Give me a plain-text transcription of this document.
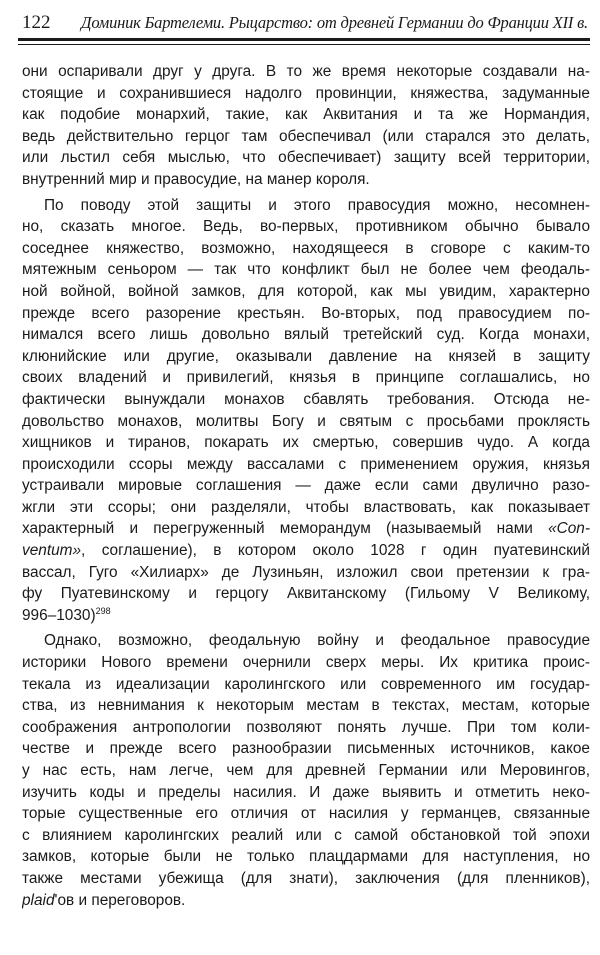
122 Доминик Бартелеми. Рыцарство: от древней Германии до Франции XII в.
они оспаривали друг у друга. В то же время некоторые создавали на-
стоящие и сохранившиеся надолго провинции, княжества, задуманные
как подобие монархий, такие, как Аквитания и та же Нормандия,
ведь действительно герцог там обеспечивал (или старался это делать,
или льстил себя мыслью, что обеспечивает) защиту всей территории,
внутренний мир и правосудие, на манер короля.
По поводу этой защиты и этого правосудия можно, несомнен-
но, сказать многое. Ведь, во-первых, противником обычно бывало
соседнее княжество, возможно, находящееся в сговоре с каким-то
мятежным сеньором — так что конфликт был не более чем феодаль-
ной войной, войной замков, для которой, как мы увидим, характерно
прежде всего разорение крестьян. Во-вторых, под правосудием по-
нимался всего лишь довольно вялый третейский суд. Когда монахи,
клюнийские или другие, оказывали давление на князей в защиту
своих владений и привилегий, князья в принципе соглашались, но
фактически вынуждали монахов сбавлять требования. Отсюда не-
довольство монахов, молитвы Богу и святым с просьбами проклясть
хищников и тиранов, покарать их смертью, совершив чудо. А когда
происходили ссоры между вассалами с применением оружия, князья
устраивали мировые соглашения — даже если сами двулично разо-
жгли эти ссоры; они разделяли, чтобы властвовать, как показывает
характерный и перегруженный меморандум (называемый нами «Con-
ventum», соглашение), в котором около 1028 г один пуатевинский
вассал, Гуго «Хилиарх» де Лузиньян, изложил свои претензии к гра-
фу Пуатевинскому и герцогу Аквитанскому (Гильому V Великому,
996–1030)$^{298}$
Однако, возможно, феодальную войну и феодальное правосудие
историки Нового времени очернили сверх меры. Их критика проис-
текала из идеализации каролингского или современного им государ-
ства, из невнимания к некоторым местам в текстах, местам, которые
соображения антропологии позволяют понять лучше. При том коли-
честве и прежде всего разнообразии письменных источников, какое
у нас есть, нам легче, чем для древней Германии или Меровингов,
изучить коды и пределы насилия. И даже выявить и отметить неко-
торые существенные его отличия от насилия у германцев, связанные
с влиянием каролингских реалий или с самой обстановкой той эпохи
замков, которые были не только плацдармами для наступления, но
также местами убежища (для знати), заключения (для пленников),
plaid'ов и переговоров.
